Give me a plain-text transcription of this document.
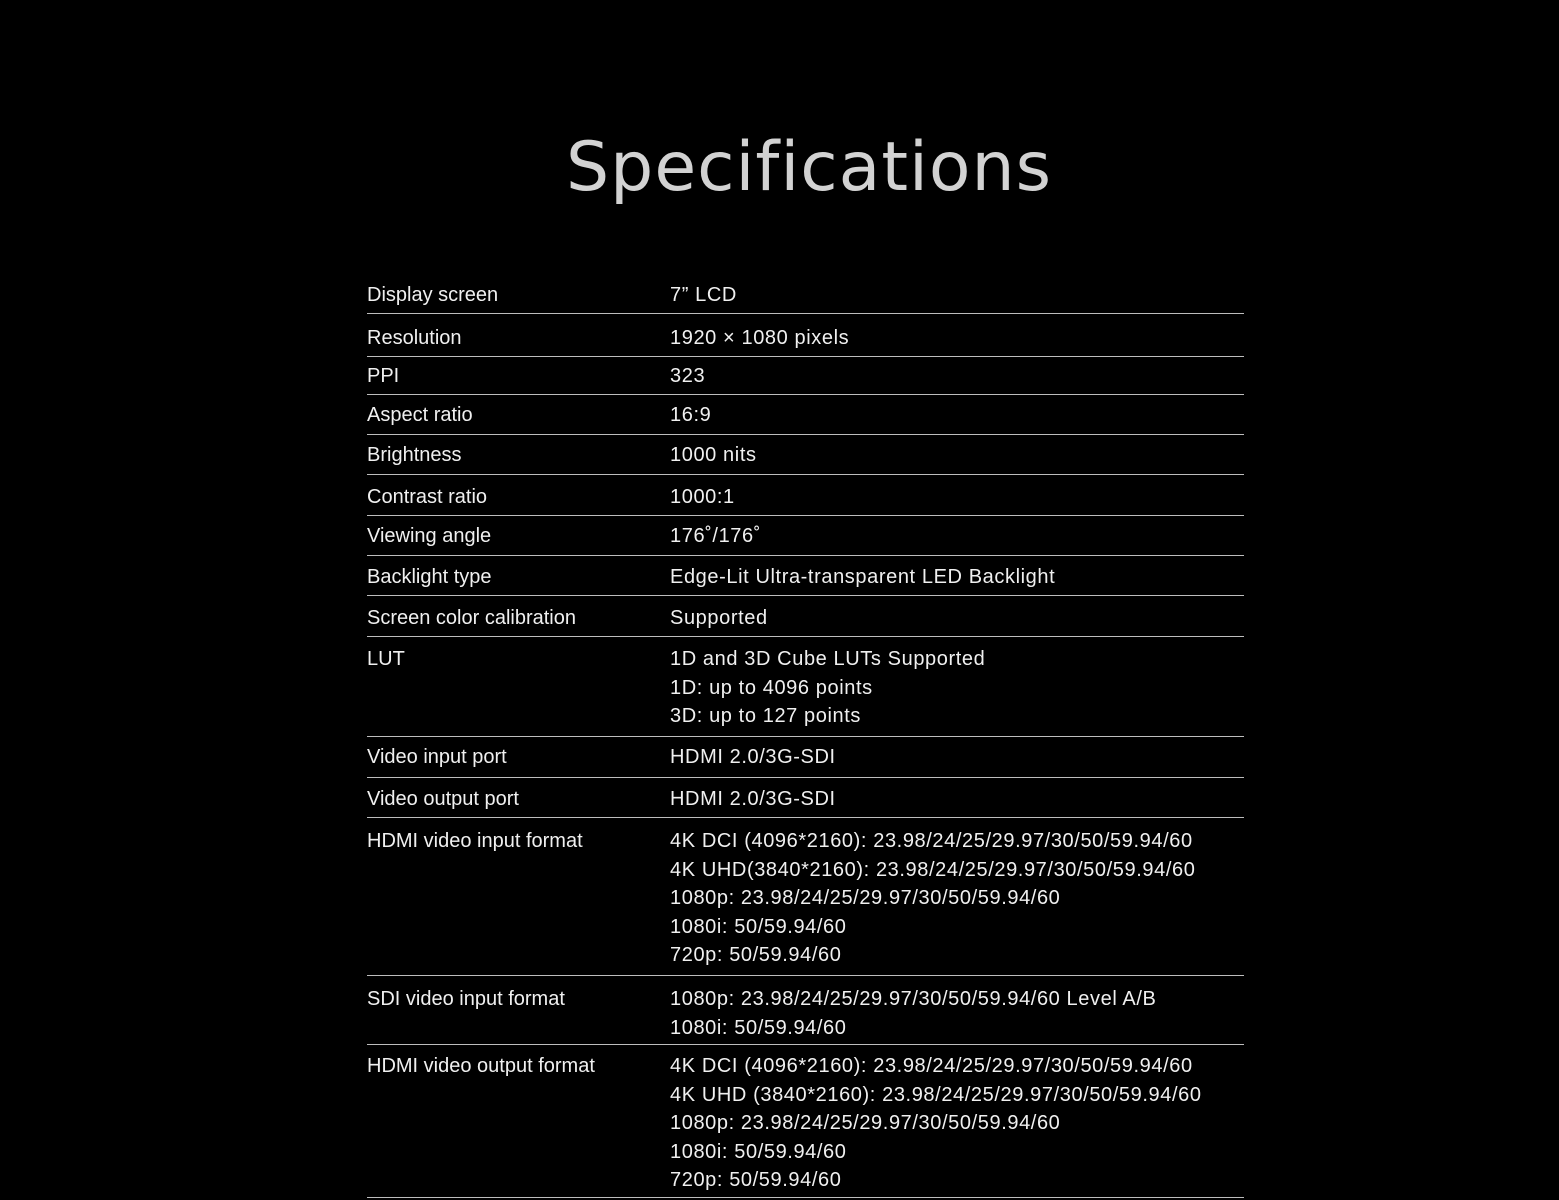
Specifications
Display screen	7” LCD
Resolution	1920 × 1080 pixels
PPI	323
Aspect ratio	16:9
Brightness	1000 nits
Contrast ratio	1000:1
Viewing angle	176˚/176˚
Backlight type	Edge-Lit Ultra-transparent LED Backlight
Screen color calibration	Supported
LUT	1D and 3D Cube LUTs Supported
1D: up to 4096 points
3D: up to 127 points
Video input port	HDMI 2.0/3G-SDI
Video output port	HDMI 2.0/3G-SDI
HDMI video input format	4K DCI (4096*2160): 23.98/24/25/29.97/30/50/59.94/60
4K UHD(3840*2160): 23.98/24/25/29.97/30/50/59.94/60
1080p: 23.98/24/25/29.97/30/50/59.94/60
1080i: 50/59.94/60
720p: 50/59.94/60
SDI video input format	1080p: 23.98/24/25/29.97/30/50/59.94/60 Level A/B
1080i: 50/59.94/60
HDMI video output format	4K DCI (4096*2160): 23.98/24/25/29.97/30/50/59.94/60
4K UHD (3840*2160): 23.98/24/25/29.97/30/50/59.94/60
1080p: 23.98/24/25/29.97/30/50/59.94/60
1080i: 50/59.94/60
720p: 50/59.94/60
